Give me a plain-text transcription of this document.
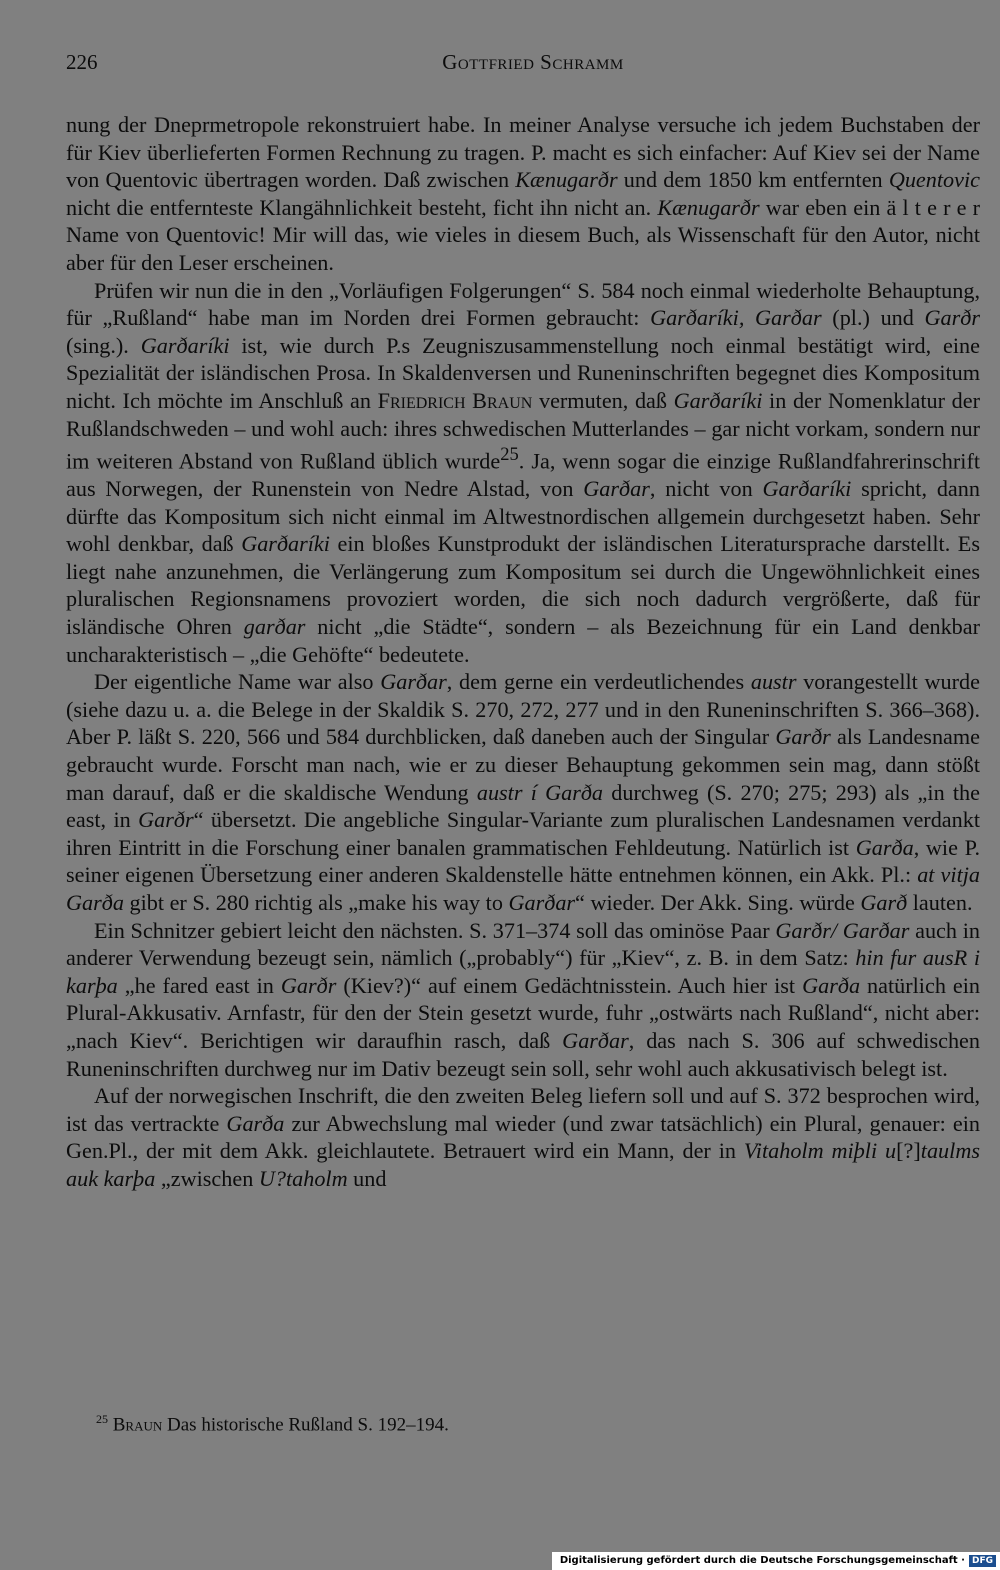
226	Gottfried Schramm

nung der Dneprmetropole rekonstruiert habe. In meiner Analyse versuche ich jedem Buchstaben der für Kiev überlieferten Formen Rechnung zu tragen. P. macht es sich einfacher: Auf Kiev sei der Name von Quentovic übertragen worden. Daß zwischen Kænugarðr und dem 1850 km entfernten Quentovic nicht die entfernteste Klangähnlichkeit besteht, ficht ihn nicht an. Kænugarðr war eben ein ä l t e r e r Name von Quentovic! Mir will das, wie vieles in diesem Buch, als Wissenschaft für den Autor, nicht aber für den Leser erscheinen.

Prüfen wir nun die in den „Vorläufigen Folgerungen“ S. 584 noch einmal wiederholte Behauptung, für „Rußland“ habe man im Norden drei Formen gebraucht: Garðaríki, Garðar (pl.) und Garðr (sing.). Garðaríki ist, wie durch P.s Zeugniszusammenstellung noch einmal bestätigt wird, eine Spezialität der isländischen Prosa. In Skaldenversen und Runeninschriften begegnet dies Kompositum nicht. Ich möchte im Anschluß an Friedrich Braun vermuten, daß Garðaríki in der Nomenklatur der Rußlandschweden – und wohl auch: ihres schwedischen Mutterlandes – gar nicht vorkam, sondern nur im weiteren Abstand von Rußland üblich wurde$^{25}$. Ja, wenn sogar die einzige Rußlandfahrerinschrift aus Norwegen, der Runenstein von Nedre Alstad, von Garðar, nicht von Garðaríki spricht, dann dürfte das Kompositum sich nicht einmal im Altwestnordischen allgemein durchgesetzt haben. Sehr wohl denkbar, daß Garðaríki ein bloßes Kunstprodukt der isländischen Literatursprache darstellt. Es liegt nahe anzunehmen, die Verlängerung zum Kompositum sei durch die Ungewöhnlichkeit eines pluralischen Regionsnamens provoziert worden, die sich noch dadurch vergrößerte, daß für isländische Ohren garðar nicht „die Städte“, sondern – als Bezeichnung für ein Land denkbar uncharakteristisch – „die Gehöfte“ bedeutete.

Der eigentliche Name war also Garðar, dem gerne ein verdeutlichendes austr vorangestellt wurde (siehe dazu u. a. die Belege in der Skaldik S. 270, 272, 277 und in den Runeninschriften S. 366–368). Aber P. läßt S. 220, 566 und 584 durchblicken, daß daneben auch der Singular Garðr als Landesname gebraucht wurde. Forscht man nach, wie er zu dieser Behauptung gekommen sein mag, dann stößt man darauf, daß er die skaldische Wendung austr í Garða durchweg (S. 270; 275; 293) als „in the east, in Garðr“ übersetzt. Die angebliche Singular-Variante zum pluralischen Landesnamen verdankt ihren Eintritt in die Forschung einer banalen grammatischen Fehldeutung. Natürlich ist Garða, wie P. seiner eigenen Übersetzung einer anderen Skaldenstelle hätte entnehmen können, ein Akk. Pl.: at vitja Garða gibt er S. 280 richtig als „make his way to Garðar“ wieder. Der Akk. Sing. würde Garð lauten.

Ein Schnitzer gebiert leicht den nächsten. S. 371–374 soll das ominöse Paar Garðr/ Garðar auch in anderer Verwendung bezeugt sein, nämlich („probably“) für „Kiev“, z. B. in dem Satz: hin fur ausR i karþa „he fared east in Garðr (Kiev?)“ auf einem Gedächtnisstein. Auch hier ist Garða natürlich ein Plural-Akkusativ. Arnfastr, für den der Stein gesetzt wurde, fuhr „ostwärts nach Rußland“, nicht aber: „nach Kiev“. Berichtigen wir daraufhin rasch, daß Garðar, das nach S. 306 auf schwedischen Runeninschriften durchweg nur im Dativ bezeugt sein soll, sehr wohl auch akkusativisch belegt ist.

Auf der norwegischen Inschrift, die den zweiten Beleg liefern soll und auf S. 372 besprochen wird, ist das vertrackte Garða zur Abwechslung mal wieder (und zwar tatsächlich) ein Plural, genauer: ein Gen.Pl., der mit dem Akk. gleichlautete. Betrauert wird ein Mann, der in Vitaholm miþli u[?]taulms auk karþa „zwischen U?taholm und

$^{25}$ Braun Das historische Rußland S. 192–194.
Digitalisierung gefördert durch die Deutsche Forschungsgemeinschaft · DFG
